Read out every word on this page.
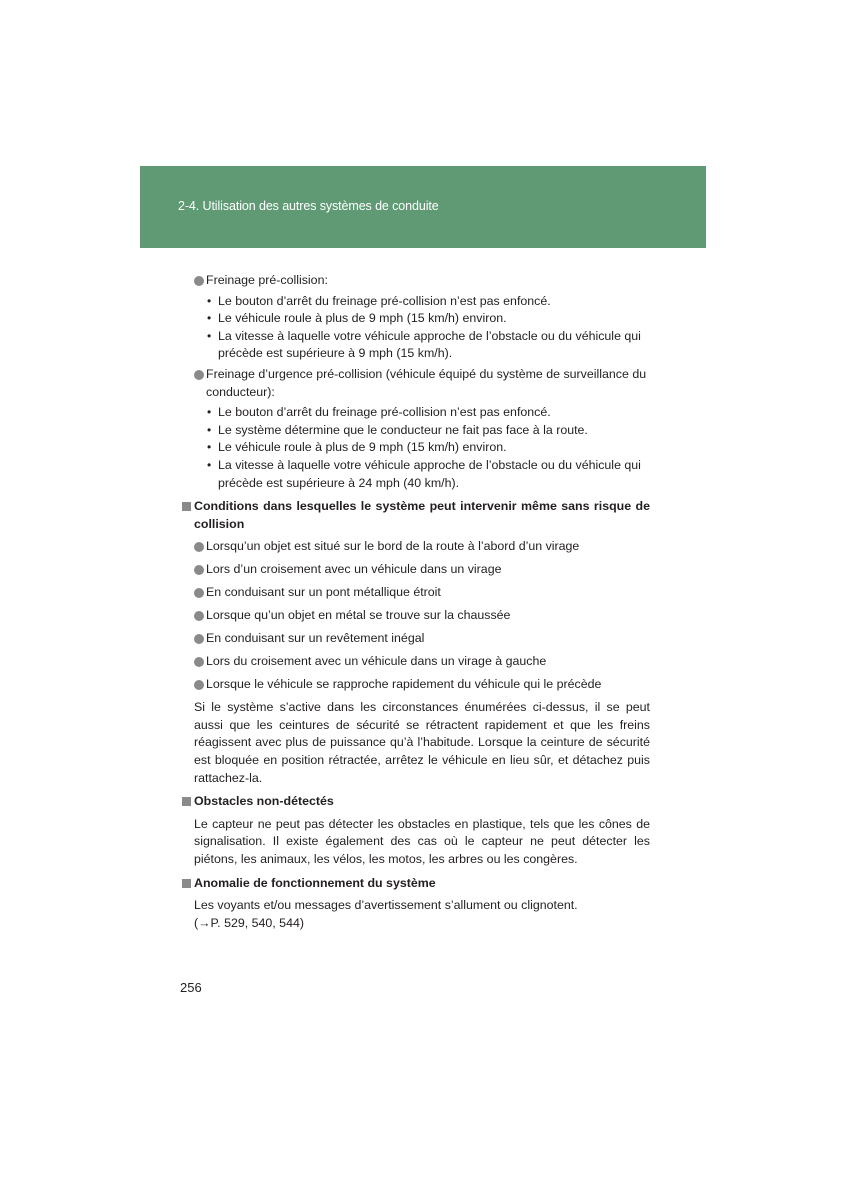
2-4. Utilisation des autres systèmes de conduite
Freinage pré-collision:
• Le bouton d’arrêt du freinage pré-collision n’est pas enfoncé.
• Le véhicule roule à plus de 9 mph (15 km/h) environ.
• La vitesse à laquelle votre véhicule approche de l’obstacle ou du véhicule qui précède est supérieure à 9 mph (15 km/h).
Freinage d’urgence pré-collision (véhicule équipé du système de surveillance du conducteur):
• Le bouton d’arrêt du freinage pré-collision n’est pas enfoncé.
• Le système détermine que le conducteur ne fait pas face à la route.
• Le véhicule roule à plus de 9 mph (15 km/h) environ.
• La vitesse à laquelle votre véhicule approche de l’obstacle ou du véhicule qui précède est supérieure à 24 mph (40 km/h).
Conditions dans lesquelles le système peut intervenir même sans risque de collision
Lorsqu’un objet est situé sur le bord de la route à l’abord d’un virage
Lors d’un croisement avec un véhicule dans un virage
En conduisant sur un pont métallique étroit
Lorsque qu’un objet en métal se trouve sur la chaussée
En conduisant sur un revêtement inégal
Lors du croisement avec un véhicule dans un virage à gauche
Lorsque le véhicule se rapproche rapidement du véhicule qui le précède
Si le système s’active dans les circonstances énumérées ci-dessus, il se peut aussi que les ceintures de sécurité se rétractent rapidement et que les freins réagissent avec plus de puissance qu’à l’habitude. Lorsque la ceinture de sécurité est bloquée en position rétractée, arrêtez le véhicule en lieu sûr, et détachez puis rattachez-la.
Obstacles non-détectés
Le capteur ne peut pas détecter les obstacles en plastique, tels que les cônes de signalisation. Il existe également des cas où le capteur ne peut détecter les piétons, les animaux, les vélos, les motos, les arbres ou les congères.
Anomalie de fonctionnement du système
Les voyants et/ou messages d’avertissement s’allument ou clignotent.
(→P. 529, 540, 544)
256
